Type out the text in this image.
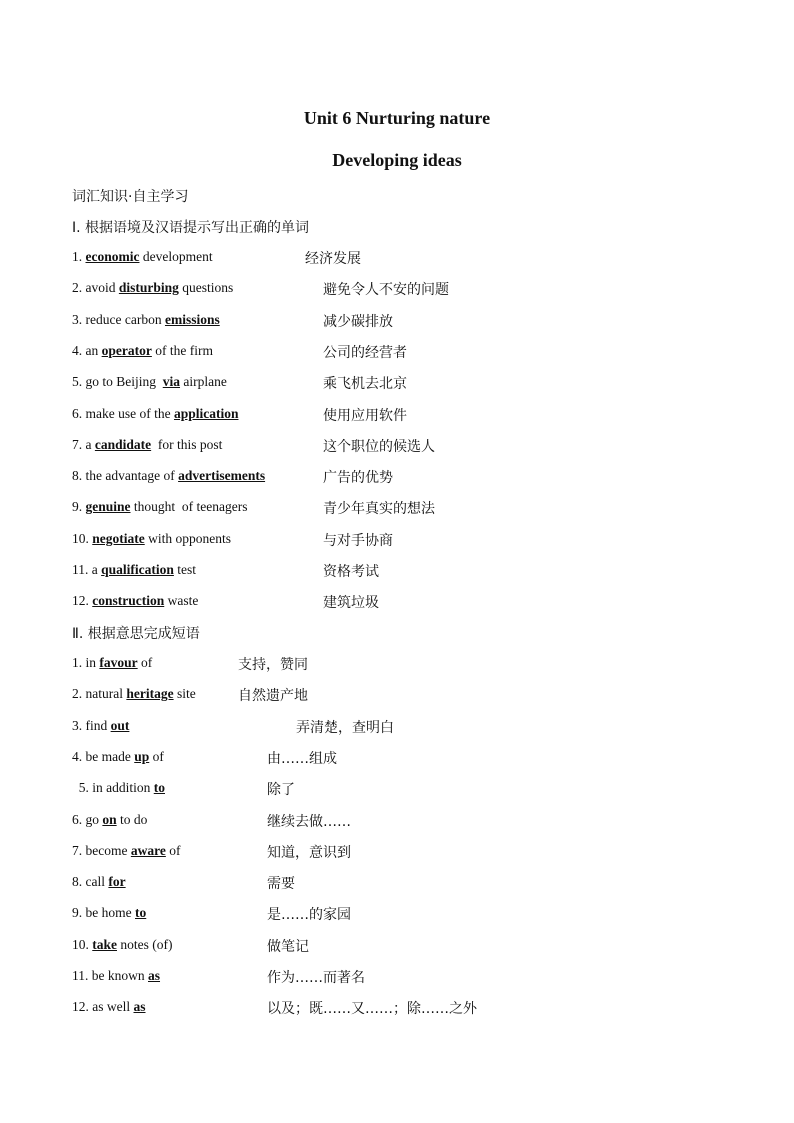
Unit 6 Nurturing nature
Developing ideas
词汇知识·自主学习
Ⅰ. 根据语境及汉语提示写出正确的单词
1. economic development	经济发展
2. avoid disturbing questions	避免令人不安的问题
3. reduce carbon emissions	减少碳排放
4. an operator of the firm	公司的经营者
5. go to Beijing  via airplane	乘飞机去北京
6. make use of the application	使用应用软件
7. a candidate  for this post	这个职位的候选人
8. the advantage of advertisements	广告的优势
9. genuine thought  of teenagers	青少年真实的想法
10. negotiate with opponents	与对手协商
11. a qualification test	资格考试
12. construction waste	建筑垃圾
Ⅱ. 根据意思完成短语
1. in favour of	支持，赞同
2. natural heritage site	自然遗产地
3. find out	弄清楚，查明白
4. be made up of	由……组成
5. in addition to	除了
6. go on to do	继续去做……
7. become aware of	知道，意识到
8. call for	需要
9. be home to	是……的家园
10. take notes (of)	做笔记
11. be known as	作为……而著名
12. as well as	以及；既……又……；除……之外
